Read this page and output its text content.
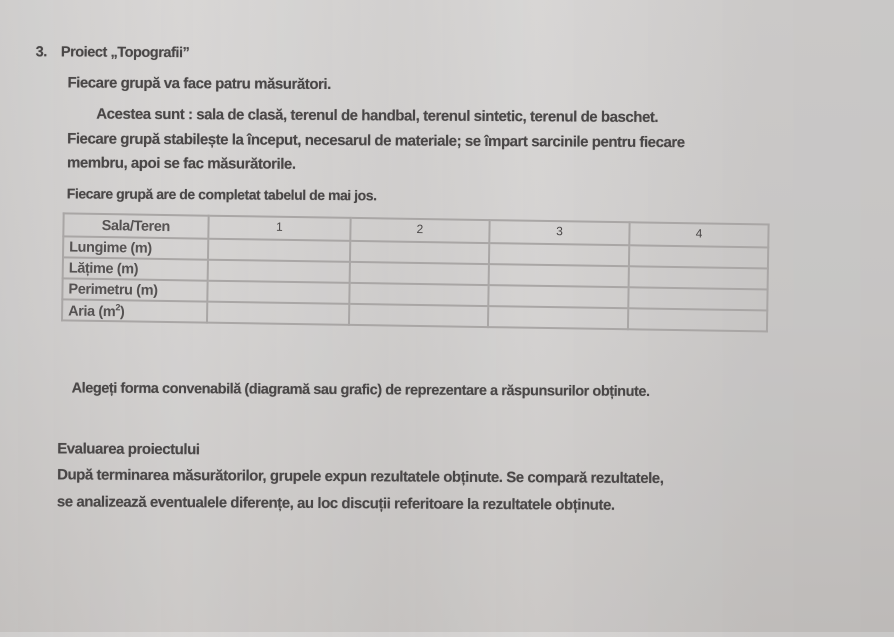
3. Proiect „Topografii”
Fiecare grupă va face patru măsurători.
Acestea sunt : sala de clasă, terenul de handbal, terenul sintetic, terenul de baschet.
Fiecare grupă stabilește la început, necesarul de materiale; se împart sarcinile pentru fiecare
membru, apoi se fac măsurătorile.
Fiecare grupă are de completat tabelul de mai jos.
Sala/Teren	1	2	3	4
Lungime (m)				
Lățime (m)				
Perimetru (m)				
Aria $(m^2)$				
Alegeți forma convenabilă (diagramă sau grafic) de reprezentare a răspunsurilor obținute.
Evaluarea proiectului
După terminarea măsurătorilor, grupele expun rezultatele obținute. Se compară rezultatele,
se analizează eventualele diferențe, au loc discuții referitoare la rezultatele obținute.
